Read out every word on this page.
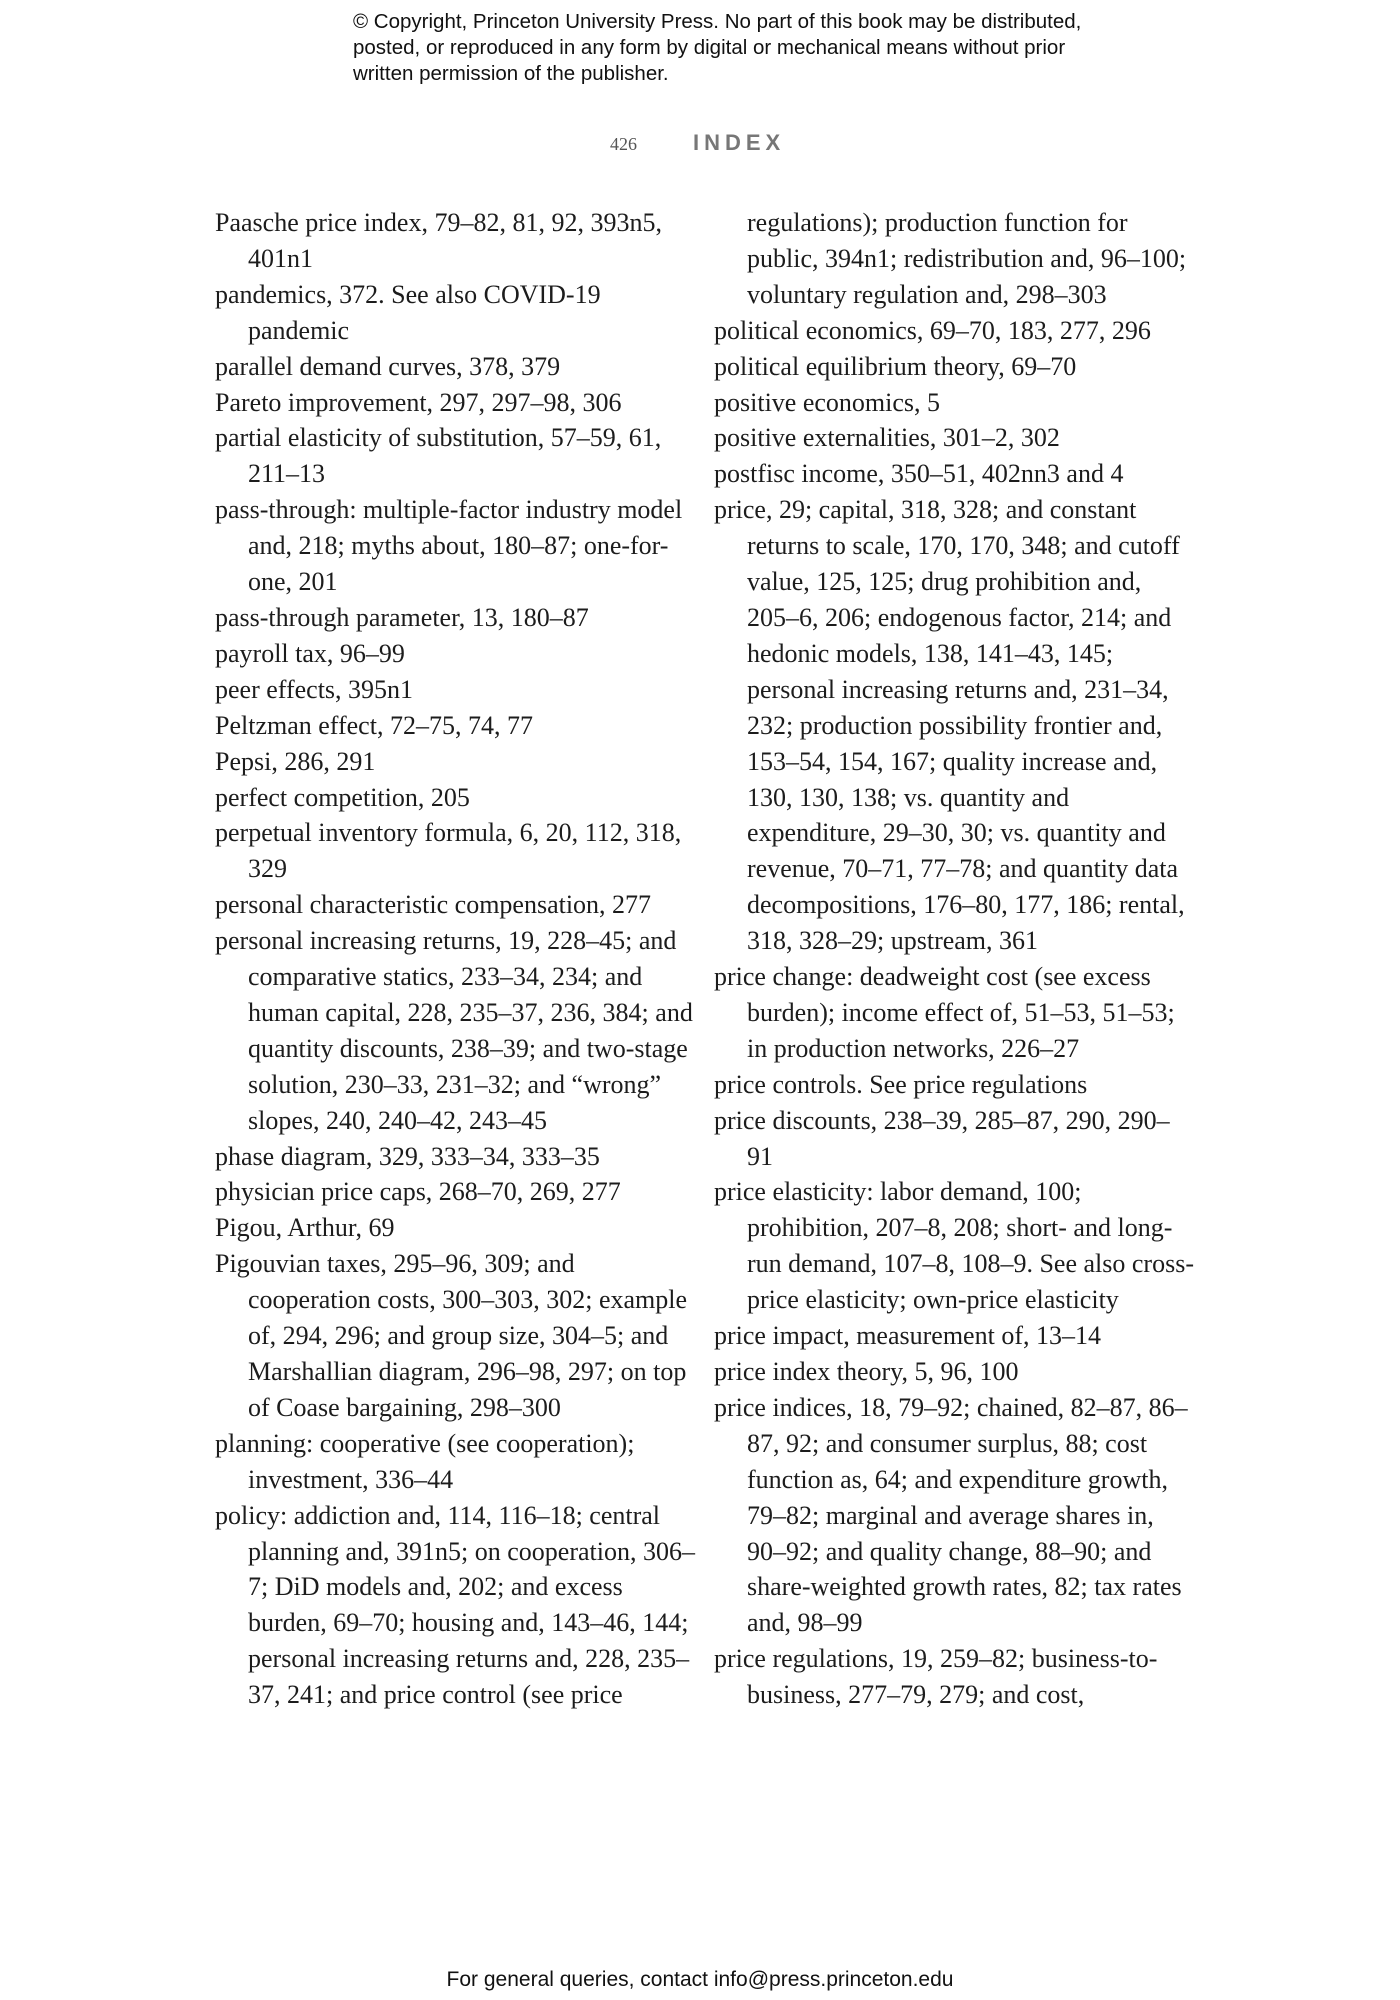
© Copyright, Princeton University Press. No part of this book may be distributed, posted, or reproduced in any form by digital or mechanical means without prior written permission of the publisher.
426	INDEX
Paasche price index, 79–82, 81, 92, 393n5, 401n1
pandemics, 372. See also COVID-19 pandemic
parallel demand curves, 378, 379
Pareto improvement, 297, 297–98, 306
partial elasticity of substitution, 57–59, 61, 211–13
pass-through: multiple-factor industry model and, 218; myths about, 180–87; one-for-one, 201
pass-through parameter, 13, 180–87
payroll tax, 96–99
peer effects, 395n1
Peltzman effect, 72–75, 74, 77
Pepsi, 286, 291
perfect competition, 205
perpetual inventory formula, 6, 20, 112, 318, 329
personal characteristic compensation, 277
personal increasing returns, 19, 228–45; and comparative statics, 233–34, 234; and human capital, 228, 235–37, 236, 384; and quantity discounts, 238–39; and two-stage solution, 230–33, 231–32; and “wrong” slopes, 240, 240–42, 243–45
phase diagram, 329, 333–34, 333–35
physician price caps, 268–70, 269, 277
Pigou, Arthur, 69
Pigouvian taxes, 295–96, 309; and cooperation costs, 300–303, 302; example of, 294, 296; and group size, 304–5; and Marshallian diagram, 296–98, 297; on top of Coase bargaining, 298–300
planning: cooperative (see cooperation); investment, 336–44
policy: addiction and, 114, 116–18; central planning and, 391n5; on cooperation, 306–7; DiD models and, 202; and excess burden, 69–70; housing and, 143–46, 144; personal increasing returns and, 228, 235–37, 241; and price control (see price
regulations); production function for public, 394n1; redistribution and, 96–100; voluntary regulation and, 298–303
political economics, 69–70, 183, 277, 296
political equilibrium theory, 69–70
positive economics, 5
positive externalities, 301–2, 302
postfisc income, 350–51, 402nn3 and 4
price, 29; capital, 318, 328; and constant returns to scale, 170, 170, 348; and cutoff value, 125, 125; drug prohibition and, 205–6, 206; endogenous factor, 214; and hedonic models, 138, 141–43, 145; personal increasing returns and, 231–34, 232; production possibility frontier and, 153–54, 154, 167; quality increase and, 130, 130, 138; vs. quantity and expenditure, 29–30, 30; vs. quantity and revenue, 70–71, 77–78; and quantity data decompositions, 176–80, 177, 186; rental, 318, 328–29; upstream, 361
price change: deadweight cost (see excess burden); income effect of, 51–53, 51–53; in production networks, 226–27
price controls. See price regulations
price discounts, 238–39, 285–87, 290, 290–91
price elasticity: labor demand, 100; prohibition, 207–8, 208; short- and long-run demand, 107–8, 108–9. See also cross-price elasticity; own-price elasticity
price impact, measurement of, 13–14
price index theory, 5, 96, 100
price indices, 18, 79–92; chained, 82–87, 86–87, 92; and consumer surplus, 88; cost function as, 64; and expenditure growth, 79–82; marginal and average shares in, 90–92; and quality change, 88–90; and share-weighted growth rates, 82; tax rates and, 98–99
price regulations, 19, 259–82; business-to-business, 277–79, 279; and cost,
For general queries, contact info@press.princeton.edu
